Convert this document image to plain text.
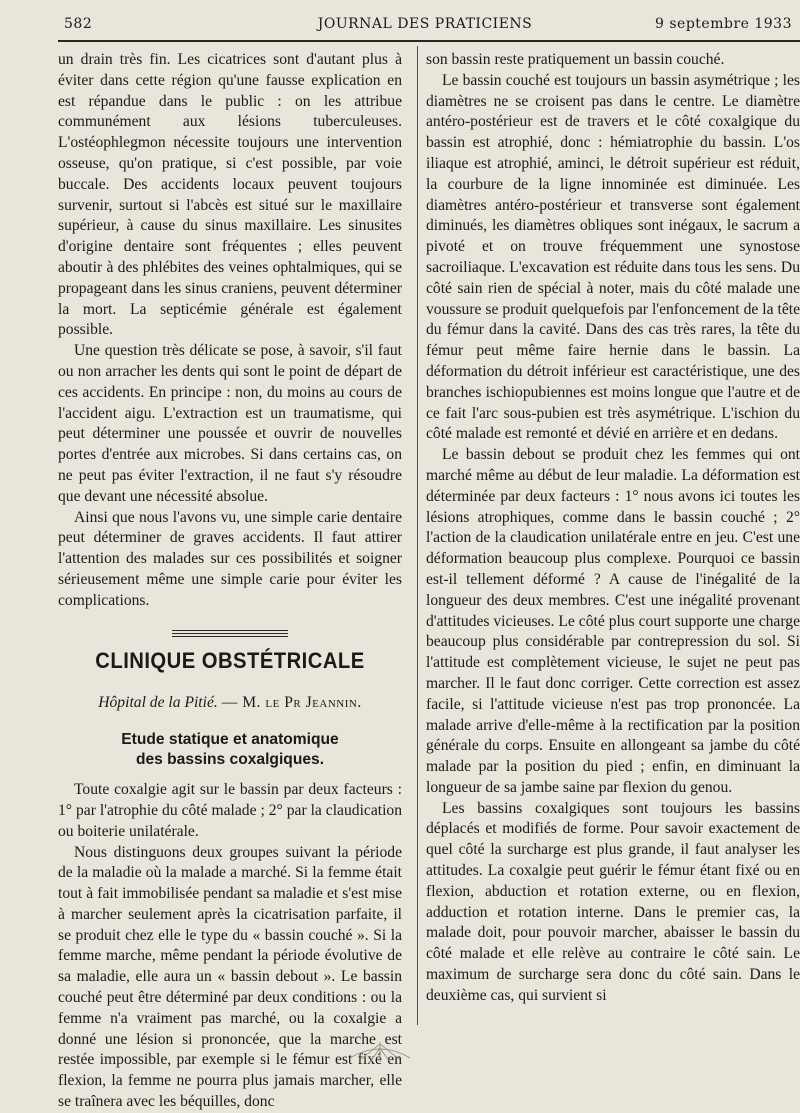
582	JOURNAL DES PRATICIENS	9 septembre 1933

un drain très fin. Les cicatrices sont d'autant plus à éviter dans cette région qu'une fausse explication en est répandue dans le public : on les attribue communément aux lésions tuberculeuses. L'ostéophlegmon nécessite toujours une intervention osseuse, qu'on pratique, si c'est possible, par voie buccale. Des accidents locaux peuvent toujours survenir, surtout si l'abcès est situé sur le maxillaire supérieur, à cause du sinus maxillaire. Les sinusites d'origine dentaire sont fréquentes ; elles peuvent aboutir à des phlébites des veines ophtalmiques, qui se propageant dans les sinus craniens, peuvent déterminer la mort. La septicémie générale est également possible.

Une question très délicate se pose, à savoir, s'il faut ou non arracher les dents qui sont le point de départ de ces accidents. En principe : non, du moins au cours de l'accident aigu. L'extraction est un traumatisme, qui peut déterminer une poussée et ouvrir de nouvelles portes d'entrée aux microbes. Si dans certains cas, on ne peut pas éviter l'extraction, il ne faut s'y résoudre que devant une nécessité absolue.

Ainsi que nous l'avons vu, une simple carie dentaire peut déterminer de graves accidents. Il faut attirer l'attention des malades sur ces possibilités et soigner sérieusement même une simple carie pour éviter les complications.

CLINIQUE OBSTÉTRICALE
Hôpital de la Pitié. — M. le Pr Jeannin.
Etude statique et anatomique
des bassins coxalgiques.

Toute coxalgie agit sur le bassin par deux facteurs : 1° par l'atrophie du côté malade ; 2° par la claudication ou boiterie unilatérale.

Nous distinguons deux groupes suivant la période de la maladie où la malade a marché. Si la femme était tout à fait immobilisée pendant sa maladie et s'est mise à marcher seulement après la cicatrisation parfaite, il se produit chez elle le type du « bassin couché ». Si la femme marche, même pendant la période évolutive de sa maladie, elle aura un « bassin debout ». Le bassin couché peut être déterminé par deux conditions : ou la femme n'a vraiment pas marché, ou la coxalgie a donné une lésion si prononcée, que la marche est restée impossible, par exemple si le fémur est fixé en flexion, la femme ne pourra plus jamais marcher, elle se traînera avec les béquilles, donc

son bassin reste pratiquement un bassin couché.

Le bassin couché est toujours un bassin asymétrique ; les diamètres ne se croisent pas dans le centre. Le diamètre antéro-postérieur est de travers et le côté coxalgique du bassin est atrophié, donc : hémiatrophie du bassin. L'os iliaque est atrophié, aminci, le détroit supérieur est réduit, la courbure de la ligne innominée est diminuée. Les diamètres antéro-postérieur et transverse sont également diminués, les diamètres obliques sont inégaux, le sacrum a pivoté et on trouve fréquemment une synostose sacroiliaque. L'excavation est réduite dans tous les sens. Du côté sain rien de spécial à noter, mais du côté malade une voussure se produit quelquefois par l'enfoncement de la tête du fémur dans la cavité. Dans des cas très rares, la tête du fémur peut même faire hernie dans le bassin. La déformation du détroit inférieur est caractéristique, une des branches ischiopubiennes est moins longue que l'autre et de ce fait l'arc sous-pubien est très asymétrique. L'ischion du côté malade est remonté et dévié en arrière et en dedans.

Le bassin debout se produit chez les femmes qui ont marché même au début de leur maladie. La déformation est déterminée par deux facteurs : 1° nous avons ici toutes les lésions atrophiques, comme dans le bassin couché ; 2° l'action de la claudication unilatérale entre en jeu. C'est une déformation beaucoup plus complexe. Pourquoi ce bassin est-il tellement déformé ? A cause de l'inégalité de la longueur des deux membres. C'est une inégalité provenant d'attitudes vicieuses. Le côté plus court supporte une charge beaucoup plus considérable par contrepression du sol. Si l'attitude est complètement vicieuse, le sujet ne peut pas marcher. Il le faut donc corriger. Cette correction est assez facile, si l'attitude vicieuse n'est pas trop prononcée. La malade arrive d'elle-même à la rectification par la position générale du corps. Ensuite en allongeant sa jambe du côté malade par la position du pied ; enfin, en diminuant la longueur de sa jambe saine par flexion du genou.

Les bassins coxalgiques sont toujours les bassins déplacés et modifiés de forme. Pour savoir exactement de quel côté la surcharge est plus grande, il faut analyser les attitudes. La coxalgie peut guérir le fémur étant fixé ou en flexion, abduction et rotation externe, ou en flexion, adduction et rotation interne. Dans le premier cas, la malade doit, pour pouvoir marcher, abaisser le bassin du côté malade et elle relève au contraire le côté sain. Le maximum de surcharge sera donc du côté sain. Dans le deuxième cas, qui survient si
